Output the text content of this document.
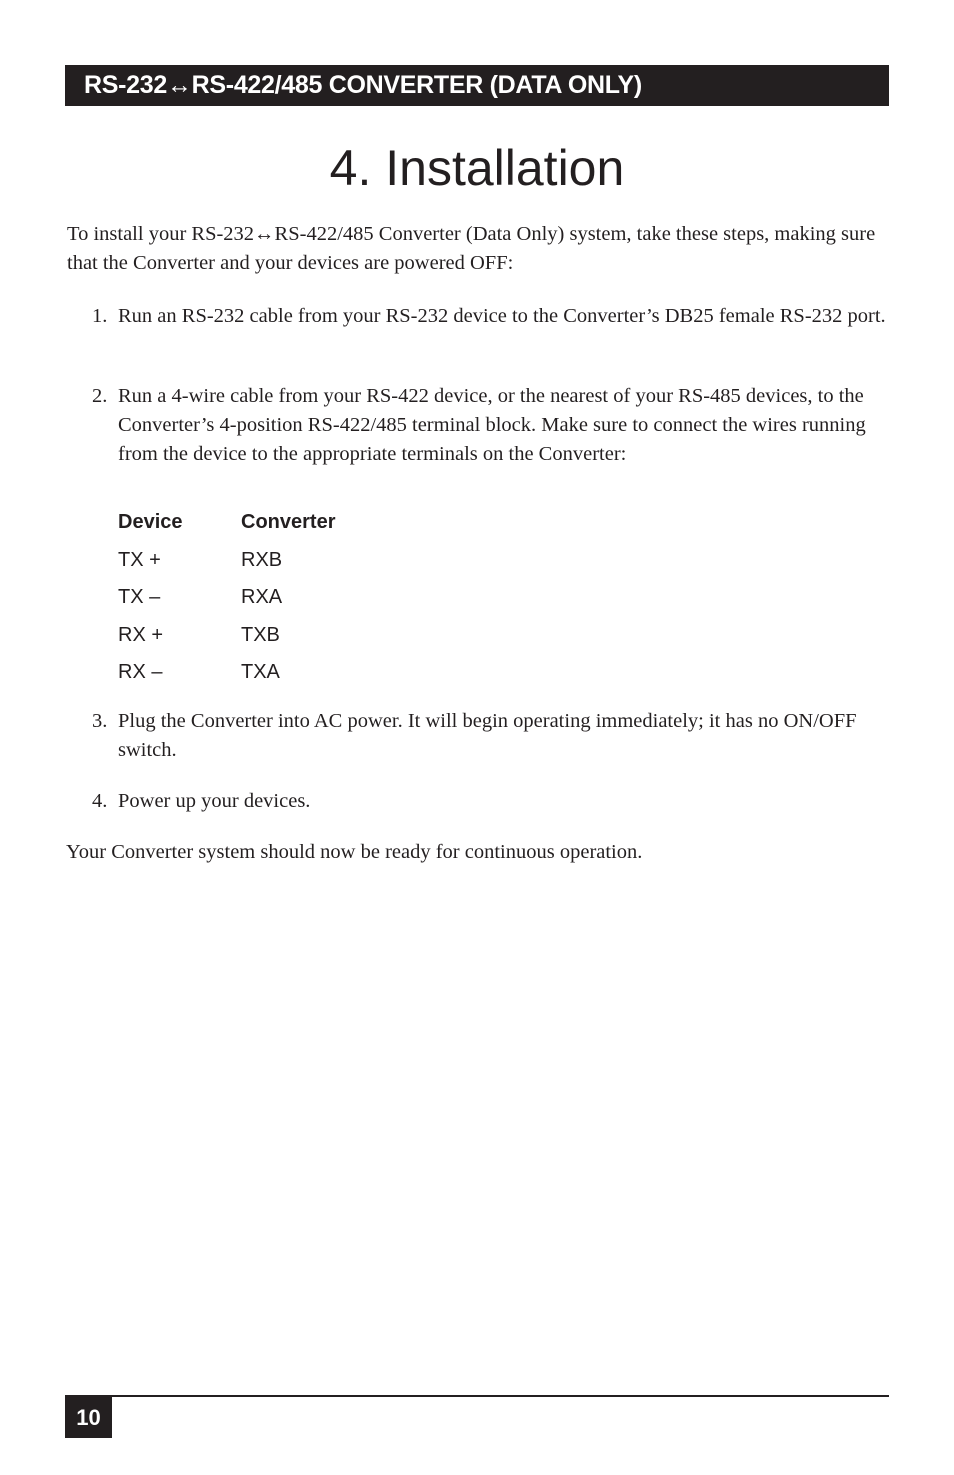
RS-232↔RS-422/485 CONVERTER (DATA ONLY)
4. Installation

To install your RS-232↔RS-422/485 Converter (Data Only) system, take these steps, making sure that the Converter and your devices are powered OFF:

1. Run an RS-232 cable from your RS-232 device to the Converter’s DB25 female RS-232 port.
2. Run a 4-wire cable from your RS-422 device, or the nearest of your RS-485 devices, to the Converter’s 4-position RS-422/485 terminal block. Make sure to connect the wires running from the device to the appropriate terminals on the Converter:
Device	Converter
TX +	RXB
TX –	RXA
RX +	TXB
RX –	TXA
3. Plug the Converter into AC power. It will begin operating immediately; it has no ON/OFF switch.
4. Power up your devices.

Your Converter system should now be ready for continuous operation.

10
